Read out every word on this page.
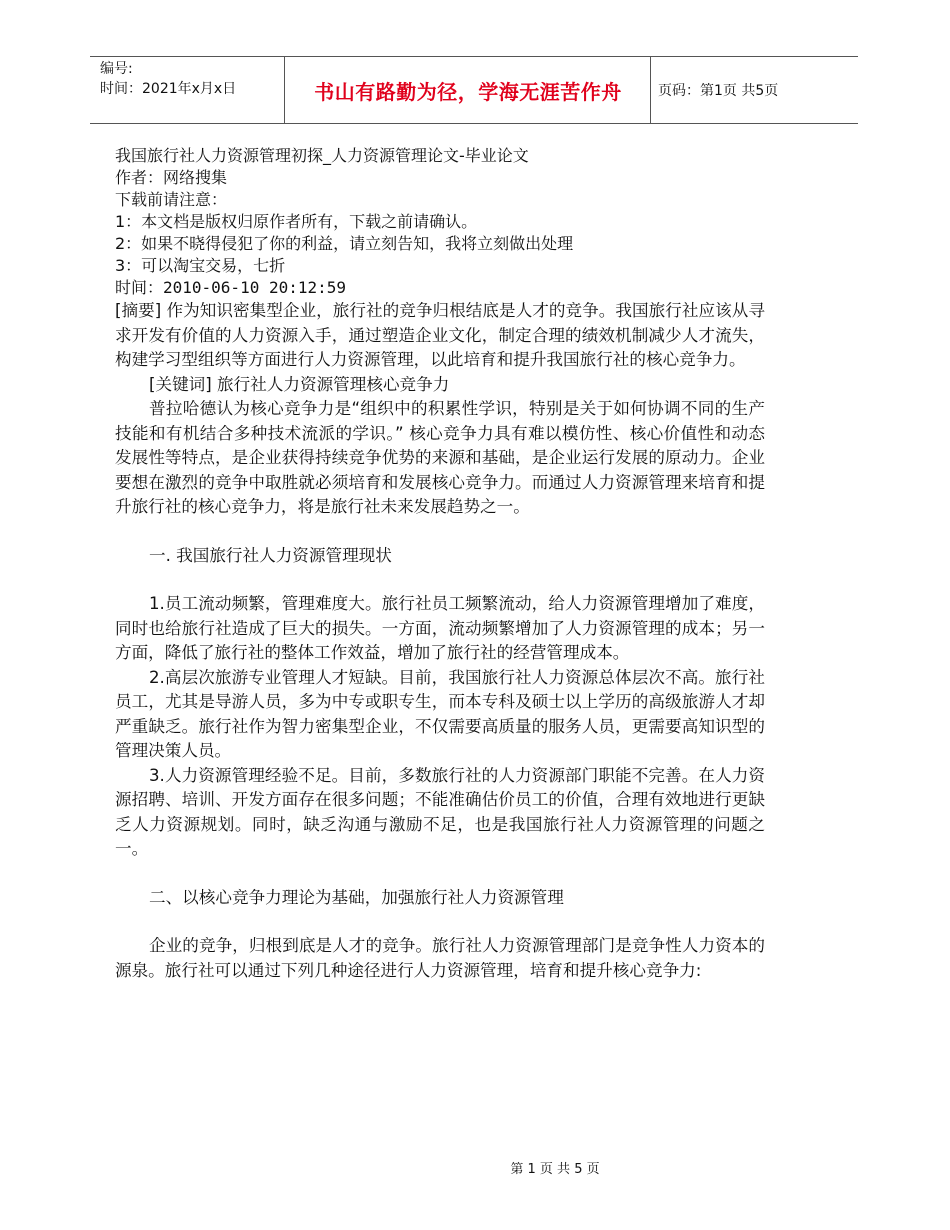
编号:
时间：2021年x月x日	书山有路勤为径，学海无涯苦作舟	页码：第1页 共5页

我国旅行社人力资源管理初探_人力资源管理论文-毕业论文

作者：网络搜集

下载前请注意：

1：本文档是版权归原作者所有，下载之前请确认。

2：如果不晓得侵犯了你的利益，请立刻告知，我将立刻做出处理

3：可以淘宝交易，七折

时间：2010-06-10 20:12:59

[摘要] 作为知识密集型企业，旅行社的竞争归根结底是人才的竞争。我国旅行社应该从寻求开发有价值的人力资源入手，通过塑造企业文化，制定合理的绩效机制减少人才流失，构建学习型组织等方面进行人力资源管理，以此培育和提升我国旅行社的核心竞争力。

[关键词] 旅行社人力资源管理核心竞争力

普拉哈德认为核心竞争力是“组织中的积累性学识，特别是关于如何协调不同的生产技能和有机结合多种技术流派的学识。” 核心竞争力具有难以模仿性、核心价值性和动态发展性等特点，是企业获得持续竞争优势的来源和基础，是企业运行发展的原动力。企业要想在激烈的竞争中取胜就必须培育和发展核心竞争力。而通过人力资源管理来培育和提升旅行社的核心竞争力，将是旅行社未来发展趋势之一。

一. 我国旅行社人力资源管理现状

1.员工流动频繁，管理难度大。旅行社员工频繁流动，给人力资源管理增加了难度，同时也给旅行社造成了巨大的损失。一方面，流动频繁增加了人力资源管理的成本；另一方面，降低了旅行社的整体工作效益，增加了旅行社的经营管理成本。

2.高层次旅游专业管理人才短缺。目前，我国旅行社人力资源总体层次不高。旅行社员工，尤其是导游人员，多为中专或职专生，而本专科及硕士以上学历的高级旅游人才却严重缺乏。旅行社作为智力密集型企业，不仅需要高质量的服务人员，更需要高知识型的管理决策人员。

3.人力资源管理经验不足。目前，多数旅行社的人力资源部门职能不完善。在人力资源招聘、培训、开发方面存在很多问题；不能准确估价员工的价值，合理有效地进行更缺乏人力资源规划。同时，缺乏沟通与激励不足，也是我国旅行社人力资源管理的问题之一。

二、以核心竞争力理论为基础，加强旅行社人力资源管理

企业的竞争，归根到底是人才的竞争。旅行社人力资源管理部门是竞争性人力资本的源泉。旅行社可以通过下列几种途径进行人力资源管理，培育和提升核心竞争力:

第 1 页 共 5 页
